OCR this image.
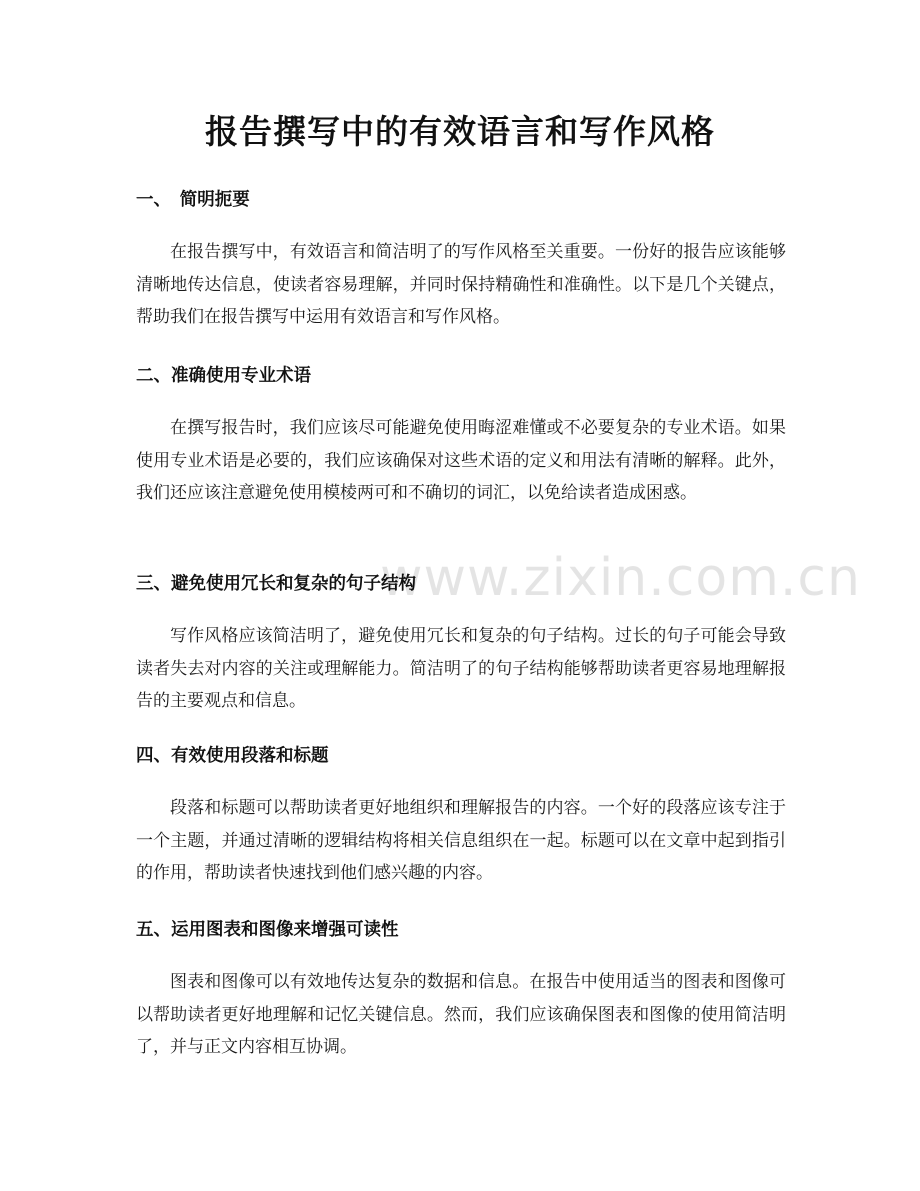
报告撰写中的有效语言和写作风格
一、　简明扼要

在报告撰写中，有效语言和简洁明了的写作风格至关重要。一份好的报告应该能够清晰地传达信息，使读者容易理解，并同时保持精确性和准确性。以下是几个关键点，帮助我们在报告撰写中运用有效语言和写作风格。

二、准确使用专业术语

在撰写报告时，我们应该尽可能避免使用晦涩难懂或不必要复杂的专业术语。如果使用专业术语是必要的，我们应该确保对这些术语的定义和用法有清晰的解释。此外，我们还应该注意避免使用模棱两可和不确切的词汇，以免给读者造成困惑。

三、避免使用冗长和复杂的句子结构

写作风格应该简洁明了，避免使用冗长和复杂的句子结构。过长的句子可能会导致读者失去对内容的关注或理解能力。简洁明了的句子结构能够帮助读者更容易地理解报告的主要观点和信息。

四、有效使用段落和标题

段落和标题可以帮助读者更好地组织和理解报告的内容。一个好的段落应该专注于一个主题，并通过清晰的逻辑结构将相关信息组织在一起。标题可以在文章中起到指引的作用，帮助读者快速找到他们感兴趣的内容。

五、运用图表和图像来增强可读性

图表和图像可以有效地传达复杂的数据和信息。在报告中使用适当的图表和图像可以帮助读者更好地理解和记忆关键信息。然而，我们应该确保图表和图像的使用简洁明了，并与正文内容相互协调。

www.zixin.com.cn
